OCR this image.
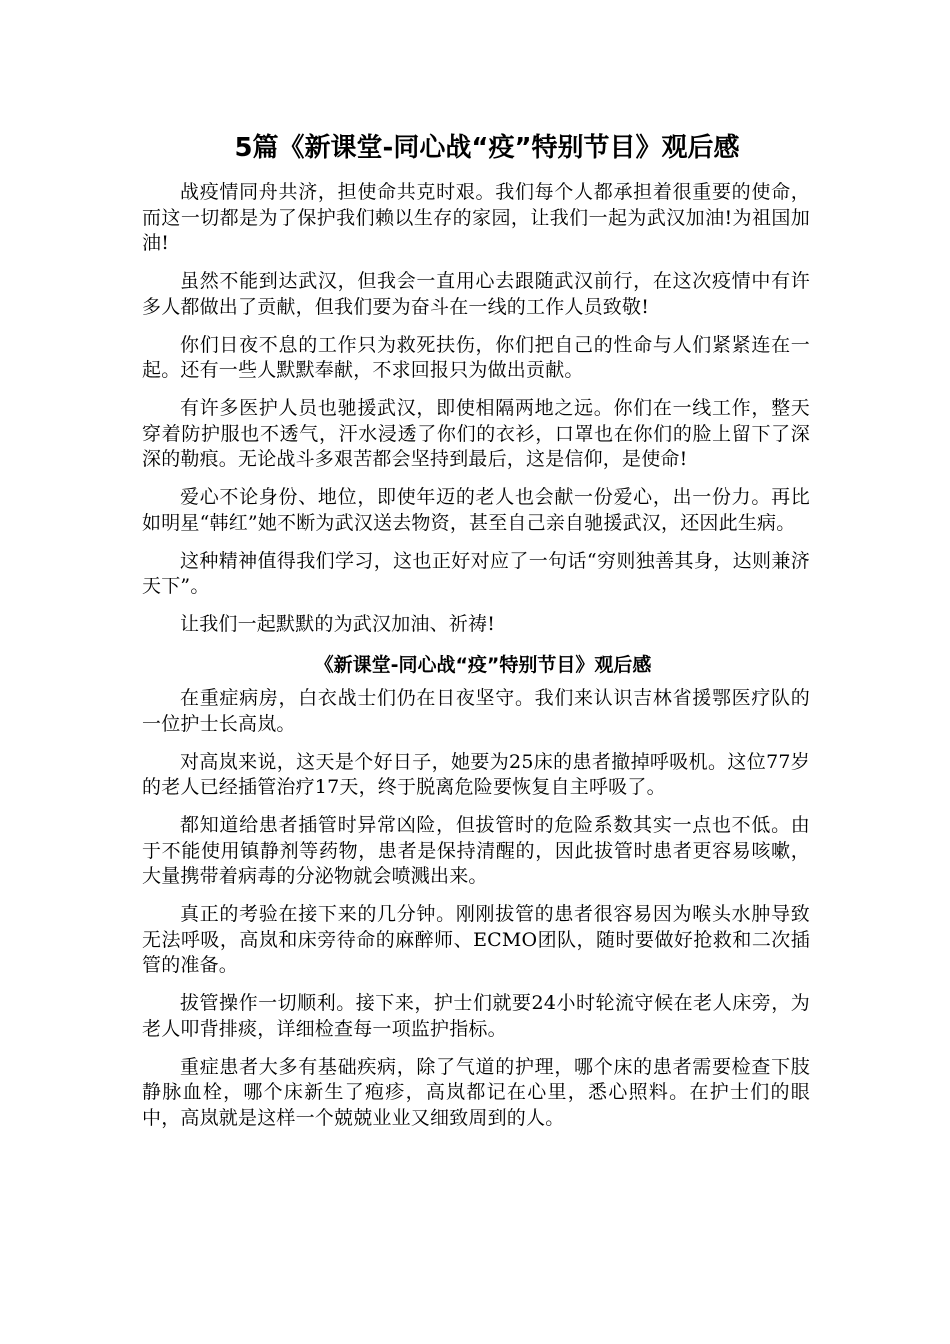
5篇《新课堂-同心战“疫”特别节目》观后感

战疫情同舟共济，担使命共克时艰。我们每个人都承担着很重要的使命，而这一切都是为了保护我们赖以生存的家园，让我们一起为武汉加油!为祖国加油!

虽然不能到达武汉，但我会一直用心去跟随武汉前行，在这次疫情中有许多人都做出了贡献，但我们要为奋斗在一线的工作人员致敬!

你们日夜不息的工作只为救死扶伤，你们把自己的性命与人们紧紧连在一起。还有一些人默默奉献，不求回报只为做出贡献。

有许多医护人员也驰援武汉，即使相隔两地之远。你们在一线工作，整天穿着防护服也不透气，汗水浸透了你们的衣衫，口罩也在你们的脸上留下了深深的勒痕。无论战斗多艰苦都会坚持到最后，这是信仰，是使命!

爱心不论身份、地位，即使年迈的老人也会献一份爱心，出一份力。再比如明星“韩红”她不断为武汉送去物资，甚至自己亲自驰援武汉，还因此生病。

这种精神值得我们学习，这也正好对应了一句话“穷则独善其身，达则兼济天下”。

让我们一起默默的为武汉加油、祈祷!

《新课堂-同心战“疫”特别节目》观后感

在重症病房，白衣战士们仍在日夜坚守。我们来认识吉林省援鄂医疗队的一位护士长高岚。

对高岚来说，这天是个好日子，她要为25床的患者撤掉呼吸机。这位77岁的老人已经插管治疗17天，终于脱离危险要恢复自主呼吸了。

都知道给患者插管时异常凶险，但拔管时的危险系数其实一点也不低。由于不能使用镇静剂等药物，患者是保持清醒的，因此拔管时患者更容易咳嗽，大量携带着病毒的分泌物就会喷溅出来。

真正的考验在接下来的几分钟。刚刚拔管的患者很容易因为喉头水肿导致无法呼吸，高岚和床旁待命的麻醉师、ECMO团队，随时要做好抢救和二次插管的准备。

拔管操作一切顺利。接下来，护士们就要24小时轮流守候在老人床旁，为老人叩背排痰，详细检查每一项监护指标。

重症患者大多有基础疾病，除了气道的护理，哪个床的患者需要检查下肢静脉血栓，哪个床新生了疱疹，高岚都记在心里，悉心照料。在护士们的眼中，高岚就是这样一个兢兢业业又细致周到的人。
